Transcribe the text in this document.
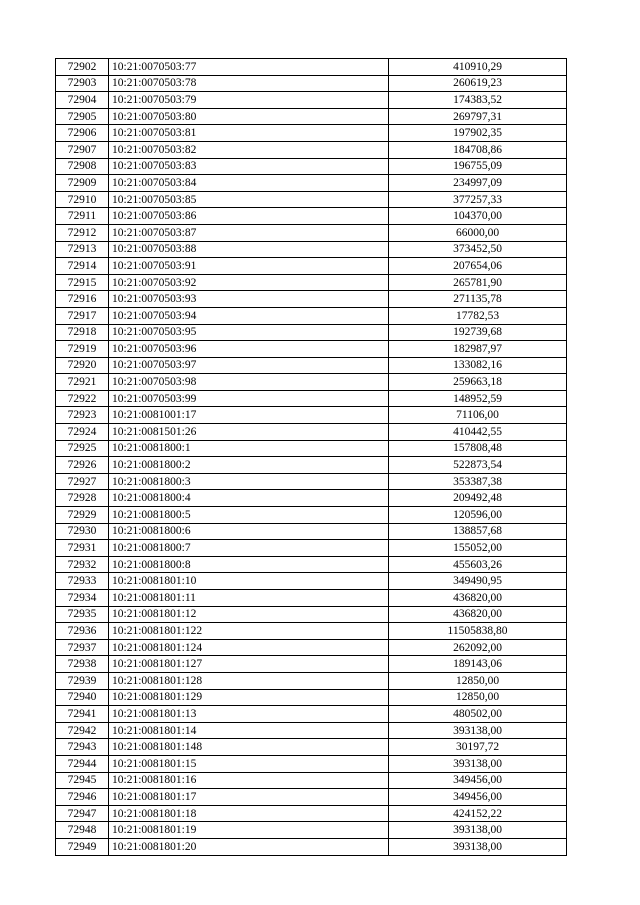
72902	10:21:0070503:77	410910,29
72903	10:21:0070503:78	260619,23
72904	10:21:0070503:79	174383,52
72905	10:21:0070503:80	269797,31
72906	10:21:0070503:81	197902,35
72907	10:21:0070503:82	184708,86
72908	10:21:0070503:83	196755,09
72909	10:21:0070503:84	234997,09
72910	10:21:0070503:85	377257,33
72911	10:21:0070503:86	104370,00
72912	10:21:0070503:87	66000,00
72913	10:21:0070503:88	373452,50
72914	10:21:0070503:91	207654,06
72915	10:21:0070503:92	265781,90
72916	10:21:0070503:93	271135,78
72917	10:21:0070503:94	17782,53
72918	10:21:0070503:95	192739,68
72919	10:21:0070503:96	182987,97
72920	10:21:0070503:97	133082,16
72921	10:21:0070503:98	259663,18
72922	10:21:0070503:99	148952,59
72923	10:21:0081001:17	71106,00
72924	10:21:0081501:26	410442,55
72925	10:21:0081800:1	157808,48
72926	10:21:0081800:2	522873,54
72927	10:21:0081800:3	353387,38
72928	10:21:0081800:4	209492,48
72929	10:21:0081800:5	120596,00
72930	10:21:0081800:6	138857,68
72931	10:21:0081800:7	155052,00
72932	10:21:0081800:8	455603,26
72933	10:21:0081801:10	349490,95
72934	10:21:0081801:11	436820,00
72935	10:21:0081801:12	436820,00
72936	10:21:0081801:122	11505838,80
72937	10:21:0081801:124	262092,00
72938	10:21:0081801:127	189143,06
72939	10:21:0081801:128	12850,00
72940	10:21:0081801:129	12850,00
72941	10:21:0081801:13	480502,00
72942	10:21:0081801:14	393138,00
72943	10:21:0081801:148	30197,72
72944	10:21:0081801:15	393138,00
72945	10:21:0081801:16	349456,00
72946	10:21:0081801:17	349456,00
72947	10:21:0081801:18	424152,22
72948	10:21:0081801:19	393138,00
72949	10:21:0081801:20	393138,00
